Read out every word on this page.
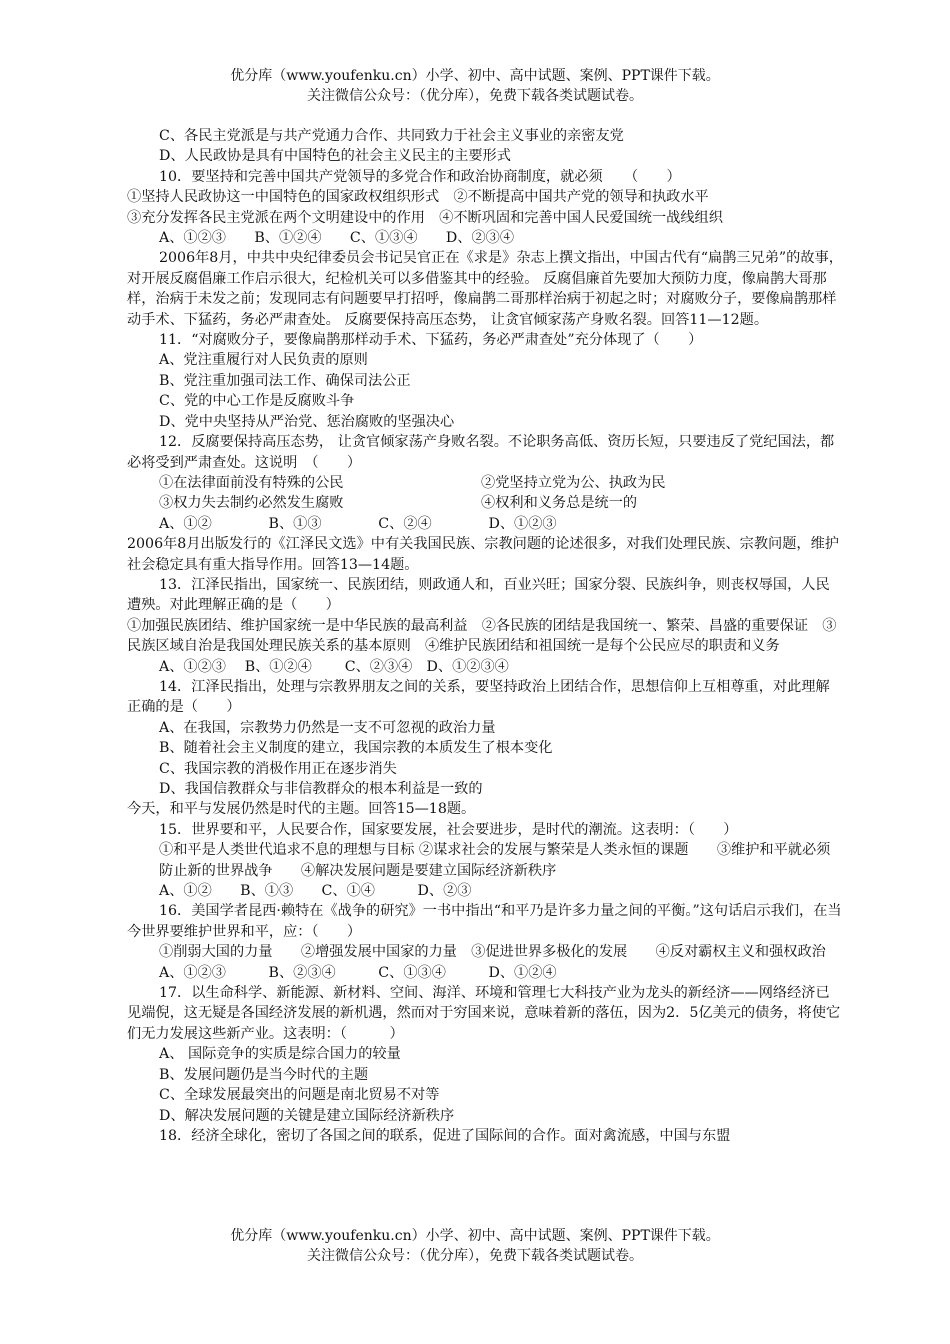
优分库（www.youfenku.cn）小学、初中、高中试题、案例、PPT课件下载。
关注微信公众号：（优分库），免费下载各类试题试卷。

C、各民主党派是与共产党通力合作、共同致力于社会主义事业的亲密友党

D、人民政协是具有中国特色的社会主义民主的主要形式

10．要坚持和完善中国共产党领导的多党合作和政治协商制度，就必须　　（　　）

①坚持人民政协这一中国特色的国家政权组织形式　②不断提高中国共产党的领导和执政水平

③充分发挥各民主党派在两个文明建设中的作用　④不断巩固和完善中国人民爱国统一战线组织

A、①②③　　B、①②④　　C、①③④　　D、②③④

2006年8月，中共中央纪律委员会书记吴官正在《求是》杂志上撰文指出，中国古代有“扁鹊三兄弟”的故事，对开展反腐倡廉工作启示很大，纪检机关可以多借鉴其中的经验。 反腐倡廉首先要加大预防力度，像扁鹊大哥那样，治病于未发之前；发现同志有问题要早打招呼，像扁鹊二哥那样治病于初起之时；对腐败分子，要像扁鹊那样动手术、下猛药，务必严肃查处。 反腐要保持高压态势， 让贪官倾家荡产身败名裂。回答11—12题。

11．“对腐败分子，要像扁鹊那样动手术、下猛药，务必严肃查处”充分体现了（　　）

A、党注重履行对人民负责的原则

B、党注重加强司法工作、确保司法公正

C、党的中心工作是反腐败斗争

D、党中央坚持从严治党、惩治腐败的坚强决心

12．反腐要保持高压态势， 让贪官倾家荡产身败名裂。不论职务高低、资历长短，只要违反了党纪国法，都必将受到严肃查处。这说明　（　　）

①在法律面前没有特殊的公民	②党坚持立党为公、执政为民
③权力失去制约必然发生腐败	④权利和义务总是统一的

A、①②　　　　B、①③　　　　C、②④　　　　D、①②③

2006年8月出版发行的《江泽民文选》中有关我国民族、宗教问题的论述很多，对我们处理民族、宗教问题，维护社会稳定具有重大指导作用。回答13—14题。

13．江泽民指出，国家统一、民族团结，则政通人和，百业兴旺；国家分裂、民族纠争，则丧权辱国，人民遭殃。对此理解正确的是（　　）

①加强民族团结、维护国家统一是中华民族的最高利益　②各民族的团结是我国统一、繁荣、昌盛的重要保证　③民族区域自治是我国处理民族关系的基本原则　④维护民族团结和祖国统一是每个公民应尽的职责和义务

A、①②③　 B、①②④　　 C、②③④　D、①②③④

14．江泽民指出，处理与宗教界朋友之间的关系，要坚持政治上团结合作，思想信仰上互相尊重，对此理解正确的是（　　）

A、在我国，宗教势力仍然是一支不可忽视的政治力量

B、随着社会主义制度的建立，我国宗教的本质发生了根本变化

C、我国宗教的消极作用正在逐步消失

D、我国信教群众与非信教群众的根本利益是一致的

今天，和平与发展仍然是时代的主题。回答15—18题。

15．世界要和平，人民要合作，国家要发展，社会要进步，是时代的潮流。这表明：（　　）

①和平是人类世代追求不息的理想与目标 ②谋求社会的发展与繁荣是人类永恒的课题　　③维护和平就必须防止新的世界战争　　④解决发展问题是要建立国际经济新秩序

A、①②　　B、①③　　C、①④　　　D、②③

16．美国学者昆西·赖特在《战争的研究》一书中指出“和平乃是许多力量之间的平衡。”这句话启示我们，在当今世界要维护世界和平，应：（　　）

①削弱大国的力量　　②增强发展中国家的力量　③促进世界多极化的发展　　④反对霸权主义和强权政治

A、①②③　　　B、②③④　　　C、①③④　　　D、①②④

17．以生命科学、新能源、新材料、空间、海洋、环境和管理七大科技产业为龙头的新经济——网络经济已见端倪，这无疑是各国经济发展的新机遇，然而对于穷国来说，意味着新的落伍，因为2．5亿美元的债务，将使它们无力发展这些新产业。这表明：（　　　）

A、 国际竞争的实质是综合国力的较量

B、发展问题仍是当今时代的主题

C、全球发展最突出的问题是南北贸易不对等

D、解决发展问题的关键是建立国际经济新秩序

18．经济全球化，密切了各国之间的联系，促进了国际间的合作。面对禽流感，中国与东盟

优分库（www.youfenku.cn）小学、初中、高中试题、案例、PPT课件下载。
关注微信公众号：（优分库），免费下载各类试题试卷。
